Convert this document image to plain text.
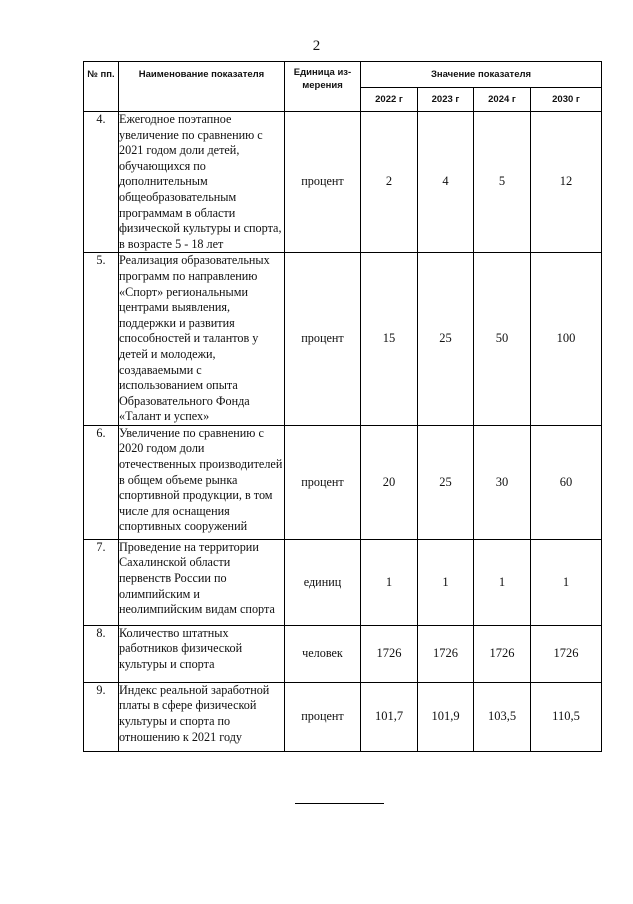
2
№ пп.	Наименование показателя	Единица из-мерения	Значение показателя			
			2022 г	2023 г	2024 г	2030 г
4.	Ежегодное поэтапное увеличение по сравнению с 2021 годом доли детей, обучающихся по дополнительным общеобразовательным программам в области физической культуры и спорта, в возрасте 5 - 18 лет	процент	2	4	5	12
5.	Реализация образовательных программ по направлению «Спорт» региональными центрами выявления, поддержки и развития способностей и талантов у детей и молодежи, создаваемыми с использованием опыта Образовательного Фонда «Талант и успех»	процент	15	25	50	100
6.	Увеличение по сравнению с 2020 годом доли отечественных производителей в общем объеме рынка спортивной продукции, в том числе для оснащения спортивных сооружений	процент	20	25	30	60
7.	Проведение на территории Сахалинской области первенств России по олимпийским и неолимпийским видам спорта	единиц	1	1	1	1
8.	Количество штатных работников физической культуры и спорта	человек	1726	1726	1726	1726
9.	Индекс реальной заработной платы в сфере физической культуры и спорта по отношению к 2021 году	процент	101,7	101,9	103,5	110,5
